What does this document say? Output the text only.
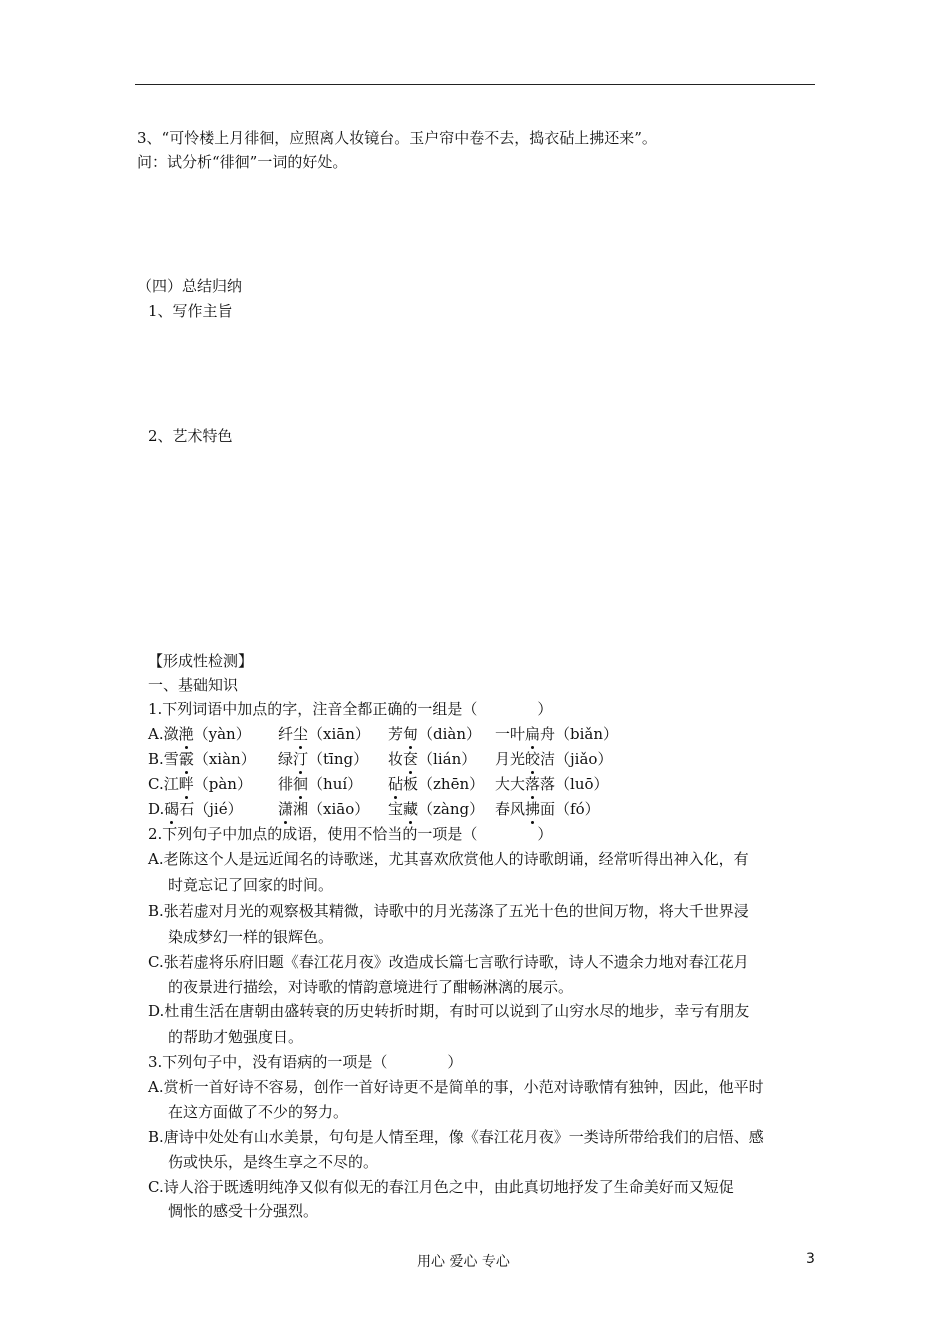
3、“可怜楼上月徘徊，应照离人妆镜台。玉户帘中卷不去，捣衣砧上拂还来”。
问：试分析“徘徊”一词的好处。
（四）总结归纳
1、写作主旨
2、艺术特色
【形成性检测】
一、基础知识
1.下列词语中加点的字，注音全都正确的一组是（　　　　）
A.潋滟（yàn） 纤尘（xiān） 芳甸（diàn） 一叶扁舟（biǎn）
B.雪霰（xiàn） 绿汀（tīng） 妆奁（lián） 月光皎洁（jiǎo）
C.江畔（pàn） 徘徊（huí） 砧板（zhēn） 大大落落（luō）
D.碣石（jié） 潇湘（xiāo） 宝藏（zàng） 春风拂面（fó）
2.下列句子中加点的成语，使用不恰当的一项是（　　　　）
A.老陈这个人是远近闻名的诗歌迷，尤其喜欢欣赏他人的诗歌朗诵，经常听得出神入化，有
时竟忘记了回家的时间。
B.张若虚对月光的观察极其精微，诗歌中的月光荡涤了五光十色的世间万物，将大千世界浸
染成梦幻一样的银辉色。
C.张若虚将乐府旧题《春江花月夜》改造成长篇七言歌行诗歌，诗人不遗余力地对春江花月
的夜景进行描绘，对诗歌的情韵意境进行了酣畅淋漓的展示。
D.杜甫生活在唐朝由盛转衰的历史转折时期，有时可以说到了山穷水尽的地步，幸亏有朋友
的帮助才勉强度日。
3.下列句子中，没有语病的一项是（　　　　）
A.赏析一首好诗不容易，创作一首好诗更不是简单的事，小范对诗歌情有独钟，因此，他平时
在这方面做了不少的努力。
B.唐诗中处处有山水美景，句句是人情至理，像《春江花月夜》一类诗所带给我们的启悟、感
伤或快乐，是终生享之不尽的。
C.诗人浴于既透明纯净又似有似无的春江月色之中，由此真切地抒发了生命美好而又短促
惆怅的感受十分强烈。
用心 爱心 专心	3
